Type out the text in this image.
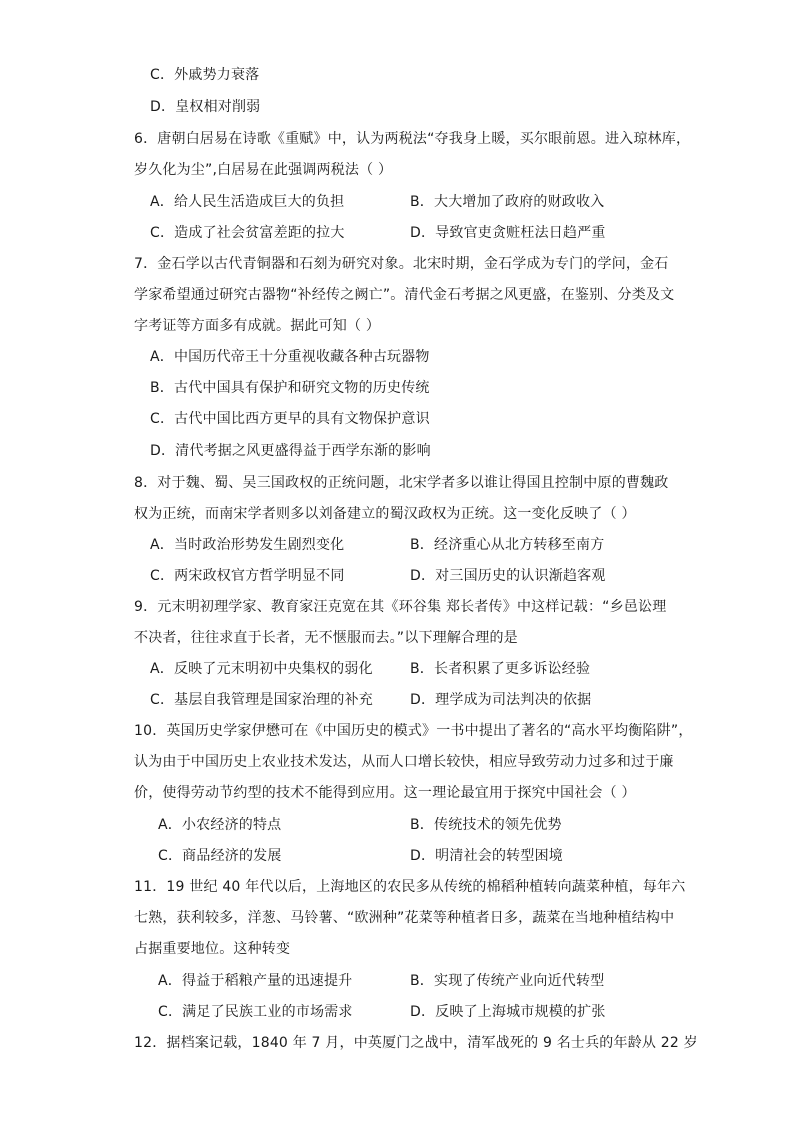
C．外戚势力衰落
D．皇权相对削弱
6．唐朝白居易在诗歌《重赋》中，认为两税法“夺我身上暖，买尔眼前恩。进入琼林库，
岁久化为尘”,白居易在此强调两税法（ ）
A．给人民生活造成巨大的负担	B．大大增加了政府的财政收入
C．造成了社会贫富差距的拉大	D．导致官吏贪赃枉法日趋严重
7．金石学以古代青铜器和石刻为研究对象。北宋时期，金石学成为专门的学问，金石
学家希望通过研究古器物“补经传之阙亡”。清代金石考据之风更盛，在鉴别、分类及文
字考证等方面多有成就。据此可知（ ）
A．中国历代帝王十分重视收藏各种古玩器物
B．古代中国具有保护和研究文物的历史传统
C．古代中国比西方更早的具有文物保护意识
D．清代考据之风更盛得益于西学东渐的影响
8．对于魏、蜀、吴三国政权的正统问题，北宋学者多以谁让得国且控制中原的曹魏政
权为正统，而南宋学者则多以刘备建立的蜀汉政权为正统。这一变化反映了（ ）
A．当时政治形势发生剧烈变化	B．经济重心从北方转移至南方
C．两宋政权官方哲学明显不同	D．对三国历史的认识渐趋客观
9．元末明初理学家、教育家汪克宽在其《环谷集 郑长者传》中这样记载：“乡邑讼理
不决者，往往求直于长者，无不惬服而去。”以下理解合理的是
A．反映了元末明初中央集权的弱化	B．长者积累了更多诉讼经验
C．基层自我管理是国家治理的补充	D．理学成为司法判决的依据
10．英国历史学家伊懋可在《中国历史的模式》一书中提出了著名的“高水平均衡陷阱”，
认为由于中国历史上农业技术发达，从而人口增长较快，相应导致劳动力过多和过于廉
价，使得劳动节约型的技术不能得到应用。这一理论最宜用于探究中国社会（ ）
A．小农经济的特点	B．传统技术的领先优势
C．商品经济的发展	D．明清社会的转型困境
11．19 世纪 40 年代以后，上海地区的农民多从传统的棉稻种植转向蔬菜种植，每年六
七熟，获利较多，洋葱、马铃薯、“欧洲种”花菜等种植者日多，蔬菜在当地种植结构中
占据重要地位。这种转变
A．得益于稻粮产量的迅速提升	B．实现了传统产业向近代转型
C．满足了民族工业的市场需求	D．反映了上海城市规模的扩张
12．据档案记载，1840 年 7 月，中英厦门之战中，清军战死的 9 名士兵的年龄从 22 岁
